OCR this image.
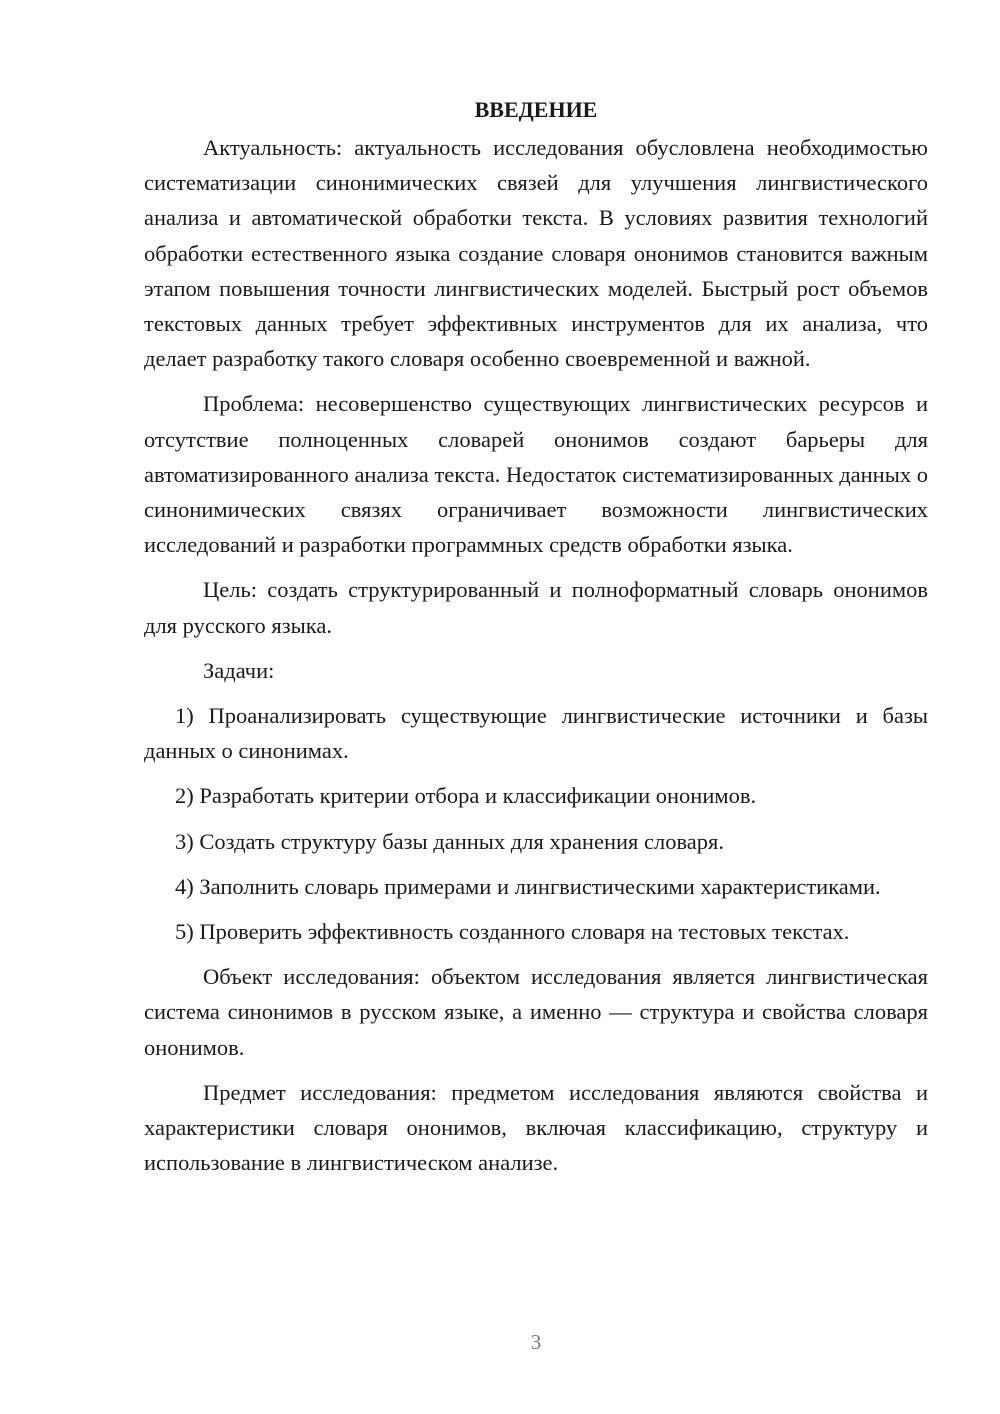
ВВЕДЕНИЕ

Актуальность: актуальность исследования обусловлена необходимостью систематизации синонимических связей для улучшения лингвистического анализа и автоматической обработки текста. В условиях развития технологий обработки естественного языка создание словаря ононимов становится важным этапом повышения точности лингвистических моделей. Быстрый рост объемов текстовых данных требует эффективных инструментов для их анализа, что делает разработку такого словаря особенно своевременной и важной.

Проблема: несовершенство существующих лингвистических ресурсов и отсутствие полноценных словарей ононимов создают барьеры для автоматизированного анализа текста. Недостаток систематизированных данных о синонимических связях ограничивает возможности лингвистических исследований и разработки программных средств обработки языка.

Цель: создать структурированный и полноформатный словарь ононимов для русского языка.

Задачи:

1) Проанализировать существующие лингвистические источники и базы данных о синонимах.

2) Разработать критерии отбора и классификации ононимов.

3) Создать структуру базы данных для хранения словаря.

4) Заполнить словарь примерами и лингвистическими характеристиками.

5) Проверить эффективность созданного словаря на тестовых текстах.

Объект исследования: объектом исследования является лингвистическая система синонимов в русском языке, а именно — структура и свойства словаря ононимов.

Предмет исследования: предметом исследования являются свойства и характеристики словаря ононимов, включая классификацию, структуру и использование в лингвистическом анализе.

3
